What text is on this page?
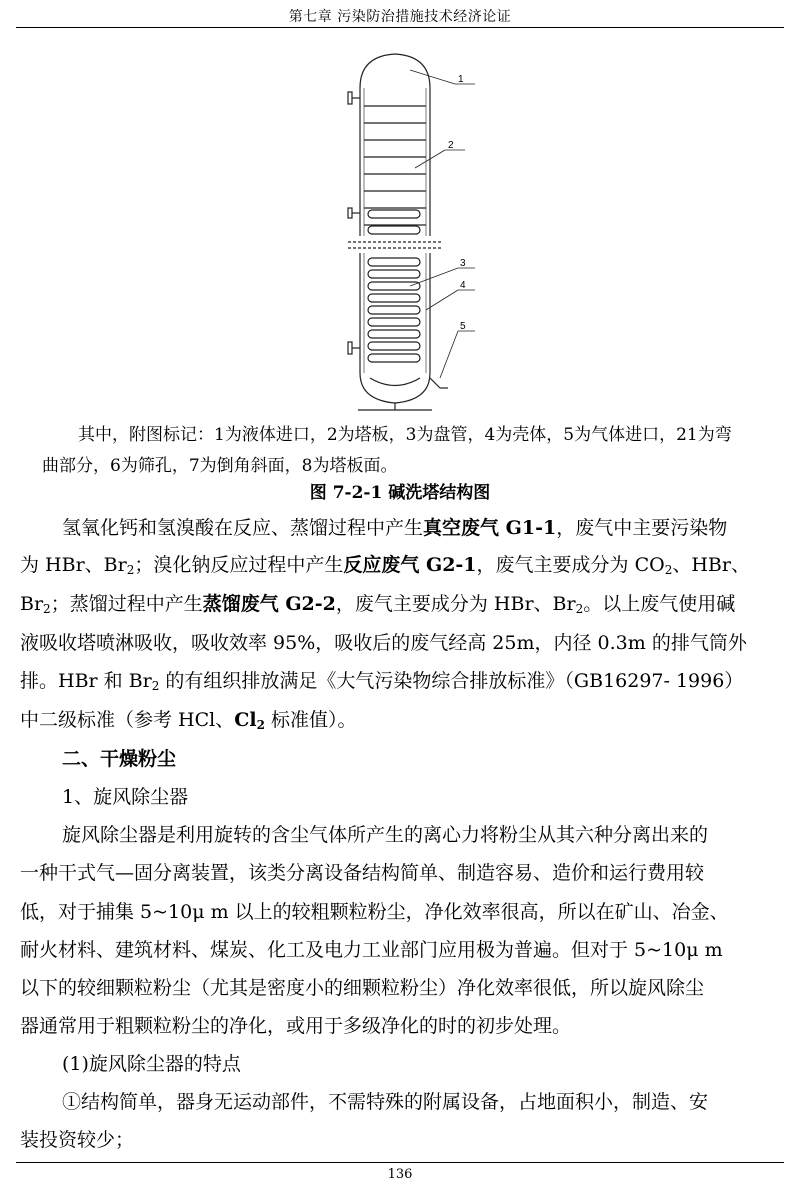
第七章 污染防治措施技术经济论证
1
2
3
4
5
其中，附图标记：1为液体进口，2为塔板，3为盘管，4为壳体，5为气体进口，21为弯
曲部分，6为筛孔，7为倒角斜面，8为塔板面。
图 7-2-1 碱洗塔结构图
氢氧化钙和氢溴酸在反应、蒸馏过程中产生真空废气 G1-1，废气中主要污染物
为 HBr、$Br_2$；溴化钠反应过程中产生反应废气 G2-1，废气主要成分为 $CO_2$、HBr、
$Br_2$；蒸馏过程中产生蒸馏废气 G2-2，废气主要成分为 HBr、$Br_2$。以上废气使用碱
液吸收塔喷淋吸收，吸收效率 95%，吸收后的废气经高 25m，内径 0.3m 的排气筒外
排。HBr 和 $Br_2$ 的有组织排放满足《大气污染物综合排放标准》（GB16297- 1996）
中二级标准（参考 HCl、$Cl_2$ 标准值）。
二、干燥粉尘
1、旋风除尘器
旋风除尘器是利用旋转的含尘气体所产生的离心力将粉尘从其六种分离出来的
一种干式气—固分离装置，该类分离设备结构简单、制造容易、造价和运行费用较
低，对于捕集 5~10μ m 以上的较粗颗粒粉尘，净化效率很高，所以在矿山、冶金、
耐火材料、建筑材料、煤炭、化工及电力工业部门应用极为普遍。但对于 5~10μ m
以下的较细颗粒粉尘（尤其是密度小的细颗粒粉尘）净化效率很低，所以旋风除尘
器通常用于粗颗粒粉尘的净化，或用于多级净化的时的初步处理。
(1)旋风除尘器的特点
①结构简单，器身无运动部件，不需特殊的附属设备，占地面积小，制造、安
装投资较少；
136
